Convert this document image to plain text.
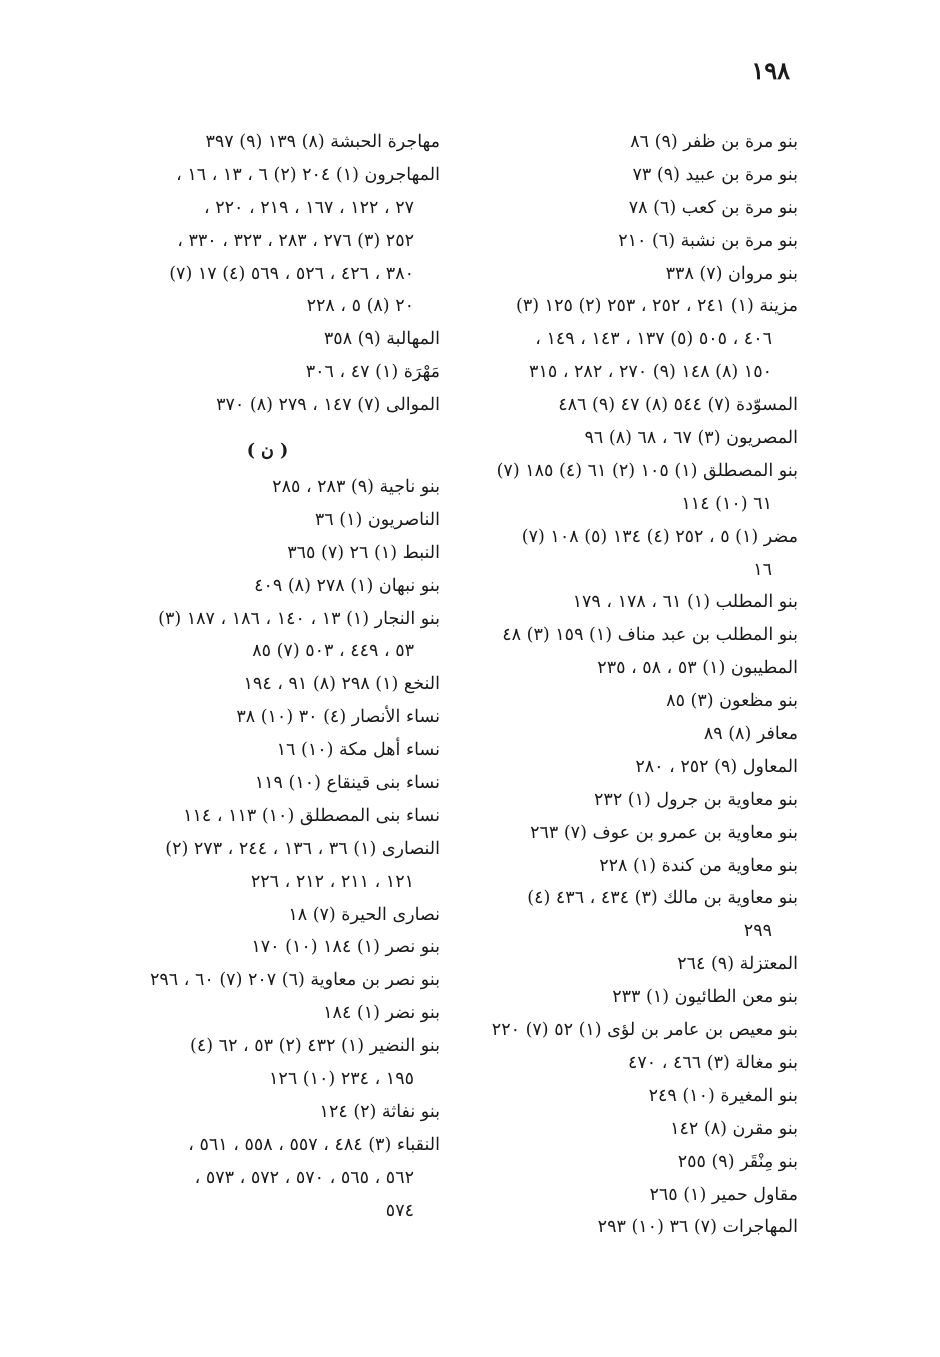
١٩٨
بنو مرة بن ظفر (٩) ٨٦
بنو مرة بن عبيد (٩) ٧٣
بنو مرة بن كعب (٦) ٧٨
بنو مرة بن نشبة (٦) ٢١٠
بنو مروان (٧) ٣٣٨
مزينة (١) ٢٤١ ، ٢٥٢ ، ٢٥٣ (٢) ١٢٥ (٣)
٤٠٦ ، ٥٠٥ (٥) ١٣٧ ، ١٤٣ ، ١٤٩ ،
١٥٠ (٨) ١٤٨ (٩) ٢٧٠ ، ٢٨٢ ، ٣١٥
المسوّدة (٧) ٥٤٤ (٨) ٤٧ (٩) ٤٨٦
المصريون (٣) ٦٧ ، ٦٨ (٨) ٩٦
بنو المصطلق (١) ١٠٥ (٢) ٦١ (٤) ١٨٥ (٧)
٦١ (١٠) ١١٤
مضر (١) ٥ ، ٢٥٢ (٤) ١٣٤ (٥) ١٠٨ (٧)
١٦
بنو المطلب (١) ٦١ ، ١٧٨ ، ١٧٩
بنو المطلب بن عبد مناف (١) ١٥٩ (٣) ٤٨
المطيبون (١) ٥٣ ، ٥٨ ، ٢٣٥
بنو مظعون (٣) ٨٥
معافر (٨) ٨٩
المعاول (٩) ٢٥٢ ، ٢٨٠
بنو معاوية بن جرول (١) ٢٣٢
بنو معاوية بن عمرو بن عوف (٧) ٢٦٣
بنو معاوية من كندة (١) ٢٢٨
بنو معاوية بن مالك (٣) ٤٣٤ ، ٤٣٦ (٤)
٢٩٩
المعتزلة (٩) ٢٦٤
بنو معن الطائيون (١) ٢٣٣
بنو معيص بن عامر بن لؤى (١) ٥٢ (٧) ٢٢٠
بنو مغالة (٣) ٤٦٦ ، ٤٧٠
بنو المغيرة (١٠) ٢٤٩
بنو مقرن (٨) ١٤٢
بنو مِنْقَر (٩) ٢٥٥
مقاول حمير (١) ٢٦٥
المهاجرات (٧) ٣٦ (١٠) ٢٩٣
مهاجرة الحبشة (٨) ١٣٩ (٩) ٣٩٧
المهاجرون (١) ٢٠٤ (٢) ٦ ، ١٣ ، ١٦ ،
٢٧ ، ١٢٢ ، ١٦٧ ، ٢١٩ ، ٢٢٠ ،
٢٥٢ (٣) ٢٧٦ ، ٢٨٣ ، ٣٢٣ ، ٣٣٠ ،
٣٨٠ ، ٤٢٦ ، ٥٢٦ ، ٥٦٩ (٤) ١٧ (٧)
٢٠ (٨) ٥ ، ٢٢٨
المهالبة (٩) ٣٥٨
مَهْرَة (١) ٤٧ ، ٣٠٦
الموالى (٧) ١٤٧ ، ٢٧٩ (٨) ٣٧٠
( ن )
بنو ناجية (٩) ٢٨٣ ، ٢٨٥
الناصريون (١) ٣٦
النبط (١) ٢٦ (٧) ٣٦٥
بنو نبهان (١) ٢٧٨ (٨) ٤٠٩
بنو النجار (١) ١٣ ، ١٤٠ ، ١٨٦ ، ١٨٧ (٣)
٥٣ ، ٤٤٩ ، ٥٠٣ (٧) ٨٥
النخع (١) ٢٩٨ (٨) ٩١ ، ١٩٤
نساء الأنصار (٤) ٣٠ (١٠) ٣٨
نساء أهل مكة (١٠) ١٦
نساء بنى قينقاع (١٠) ١١٩
نساء بنى المصطلق (١٠) ١١٣ ، ١١٤
النصارى (١) ٣٦ ، ١٣٦ ، ٢٤٤ ، ٢٧٣ (٢)
١٢١ ، ٢١١ ، ٢١٢ ، ٢٢٦
نصارى الحيرة (٧) ١٨
بنو نصر (١) ١٨٤ (١٠) ١٧٠
بنو نصر بن معاوية (٦) ٢٠٧ (٧) ٦٠ ، ٢٩٦
بنو نضر (١) ١٨٤
بنو النضير (١) ٤٣٢ (٢) ٥٣ ، ٦٢ (٤)
١٩٥ ، ٢٣٤ (١٠) ١٢٦
بنو نفاثة (٢) ١٢٤
النقباء (٣) ٤٨٤ ، ٥٥٧ ، ٥٥٨ ، ٥٦١ ،
٥٦٢ ، ٥٦٥ ، ٥٧٠ ، ٥٧٢ ، ٥٧٣ ،
٥٧٤
